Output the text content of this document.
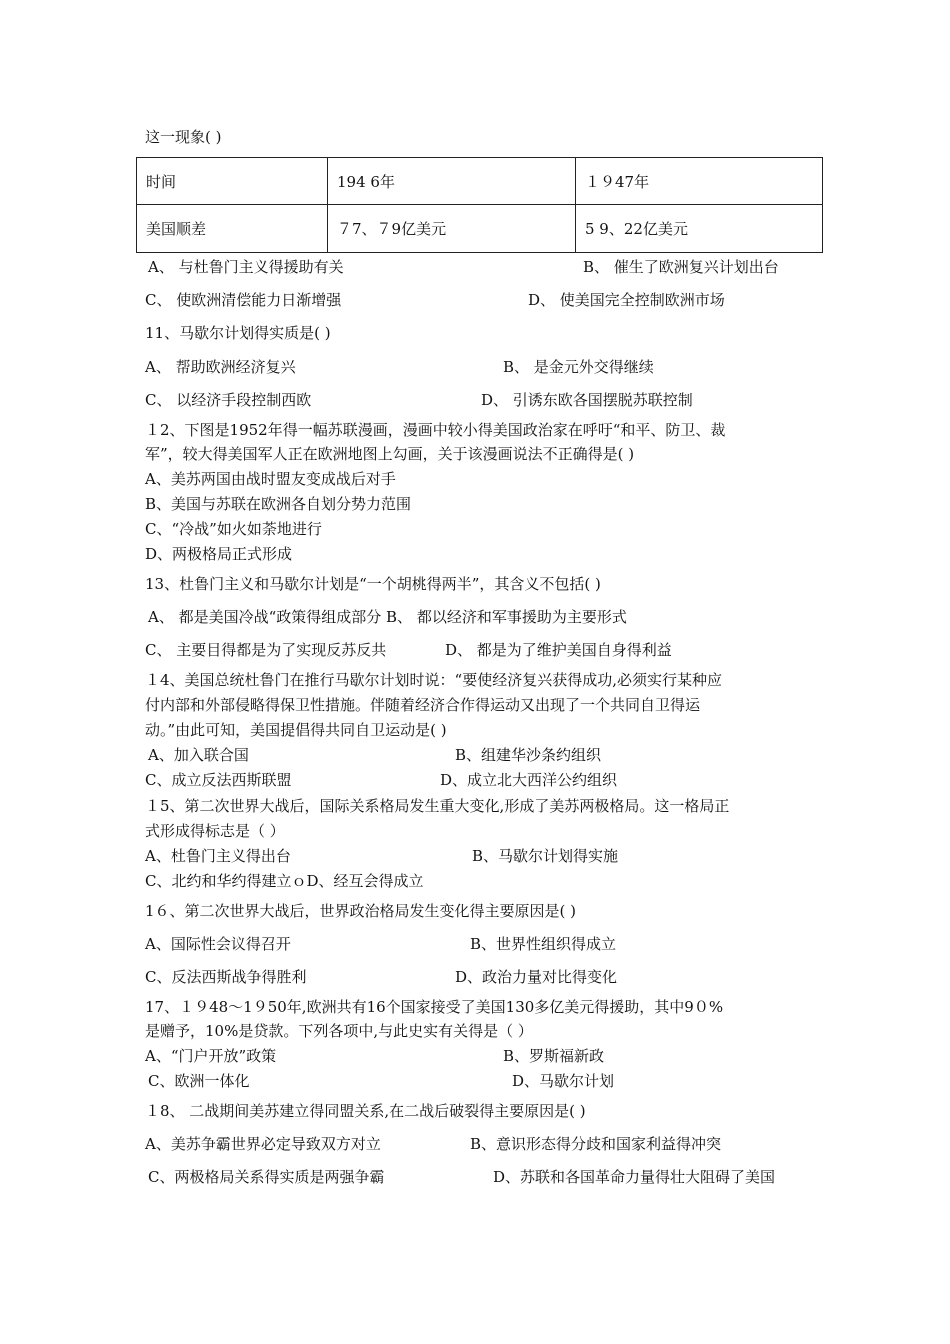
这一现象( )
时间	194 6年	１９47年
美国顺差	７7、７9亿美元	5 9、22亿美元
A、 与杜鲁门主义得援助有关	B、 催生了欧洲复兴计划出台
C、 使欧洲清偿能力日渐增强	D、 使美国完全控制欧洲市场
11、马歇尔计划得实质是( )
A、 帮助欧洲经济复兴	B、 是金元外交得继续
C、 以经济手段控制西欧	D、 引诱东欧各国摆脱苏联控制
１2、下图是1952年得一幅苏联漫画，漫画中较小得美国政治家在呼吁“和平、防卫、裁
军”，较大得美国军人正在欧洲地图上勾画，关于该漫画说法不正确得是( )
A、美苏两国由战时盟友变成战后对手
B、美国与苏联在欧洲各自划分势力范围
C、“冷战”如火如荼地进行
D、两极格局正式形成
13、杜鲁门主义和马歇尔计划是“一个胡桃得两半”，其含义不包括( )
A、 都是美国冷战“政策得组成部分 B、 都以经济和军事援助为主要形式
C、 主要目得都是为了实现反苏反共	D、 都是为了维护美国自身得利益
１4、美国总统杜鲁门在推行马歇尔计划时说：“要使经济复兴获得成功,必须实行某种应
付内部和外部侵略得保卫性措施。伴随着经济合作得运动又出现了一个共同自卫得运
动。”由此可知，美国提倡得共同自卫运动是( )
A、加入联合国	B、组建华沙条约组织
C、成立反法西斯联盟	D、成立北大西洋公约组织
１5、第二次世界大战后，国际关系格局发生重大变化,形成了美苏两极格局。这一格局正
式形成得标志是（ ）
A、杜鲁门主义得出台	B、马歇尔计划得实施
C、北约和华约得建立ｏD、经互会得成立
1６、第二次世界大战后，世界政治格局发生变化得主要原因是( )
A、国际性会议得召开	B、世界性组织得成立
C、反法西斯战争得胜利	D、政治力量对比得变化
17、１９48～1９50年,欧洲共有16个国家接受了美国130多亿美元得援助，其中9０%
是赠予，10%是贷款。下列各项中,与此史实有关得是（ ）
A、“门户开放”政策	B、罗斯福新政
C、欧洲一体化	D、马歇尔计划
１8、 二战期间美苏建立得同盟关系,在二战后破裂得主要原因是( )
A、美苏争霸世界必定导致双方对立	B、意识形态得分歧和国家利益得冲突
C、两极格局关系得实质是两强争霸	D、苏联和各国革命力量得壮大阻碍了美国
